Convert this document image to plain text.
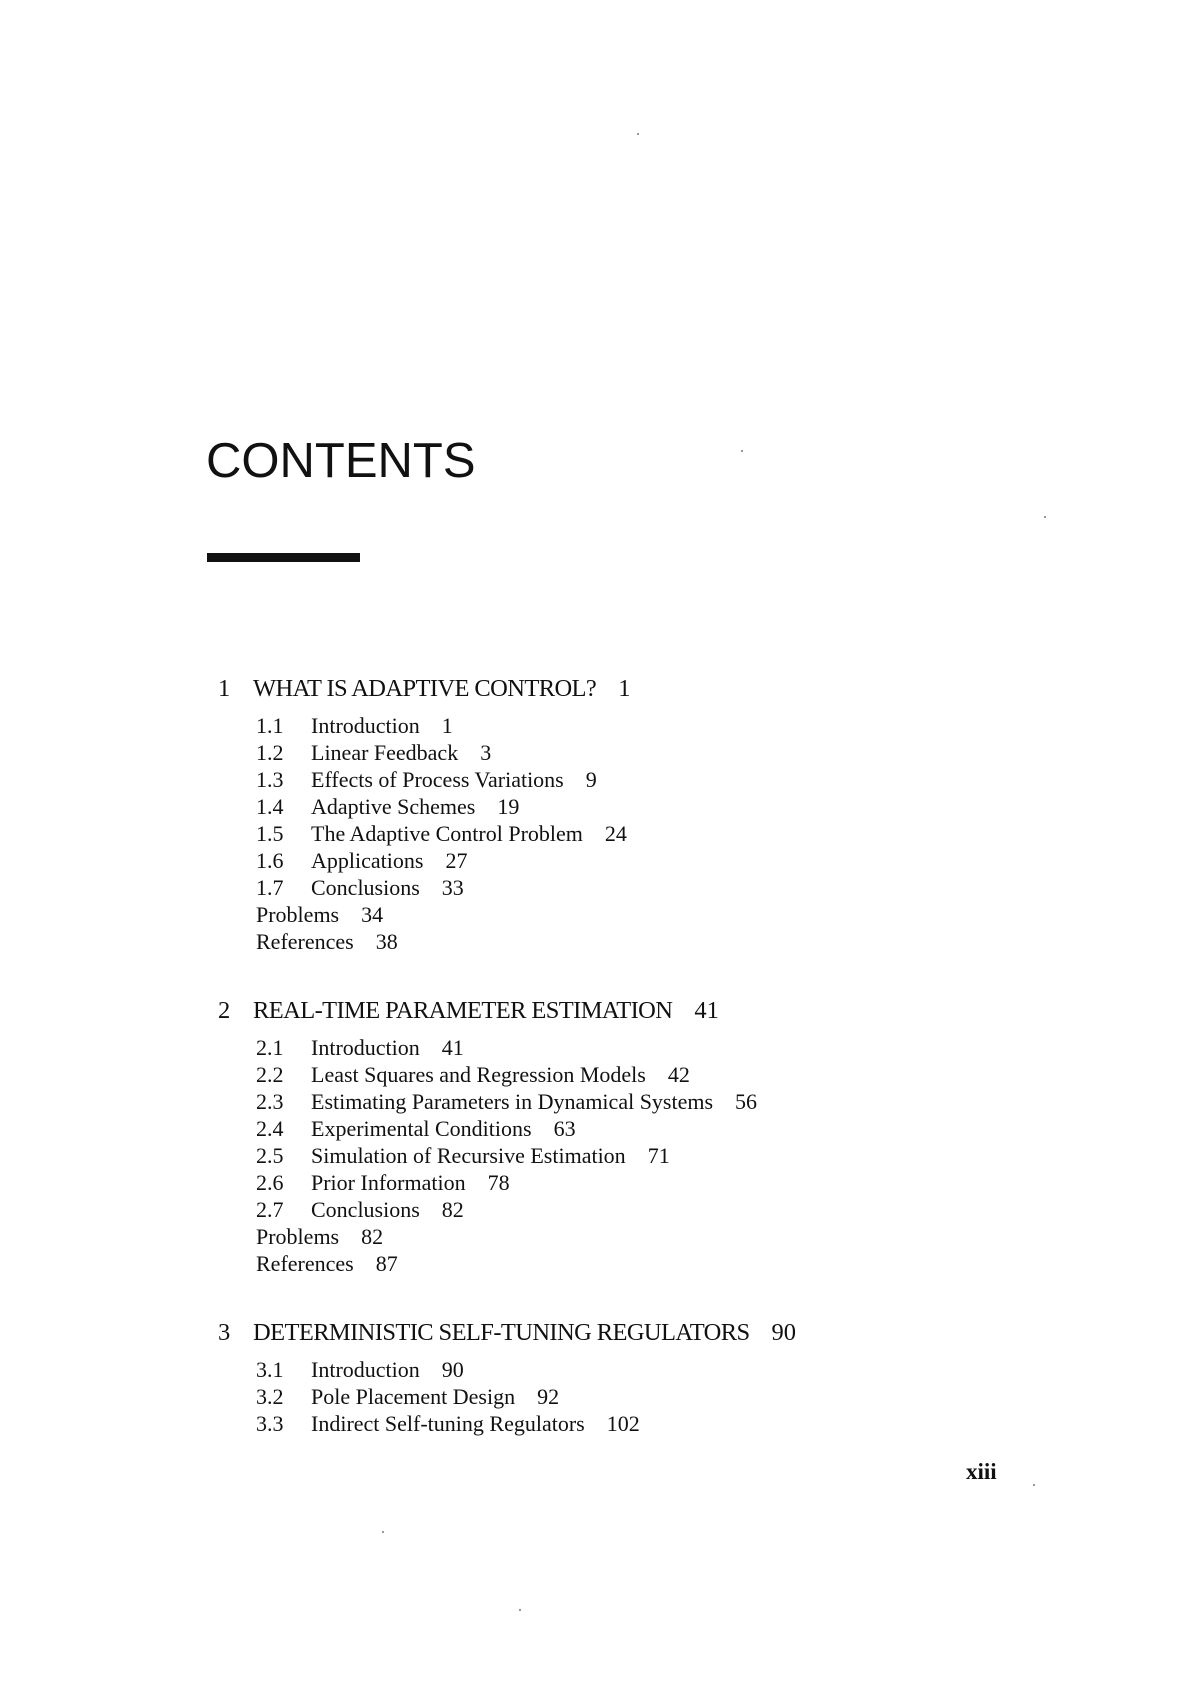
CONTENTS
1 WHAT IS ADAPTIVE CONTROL? 1
1.1 Introduction 1
1.2 Linear Feedback 3
1.3 Effects of Process Variations 9
1.4 Adaptive Schemes 19
1.5 The Adaptive Control Problem 24
1.6 Applications 27
1.7 Conclusions 33
Problems 34
References 38
2 REAL-TIME PARAMETER ESTIMATION 41
2.1 Introduction 41
2.2 Least Squares and Regression Models 42
2.3 Estimating Parameters in Dynamical Systems 56
2.4 Experimental Conditions 63
2.5 Simulation of Recursive Estimation 71
2.6 Prior Information 78
2.7 Conclusions 82
Problems 82
References 87
3 DETERMINISTIC SELF-TUNING REGULATORS 90
3.1 Introduction 90
3.2 Pole Placement Design 92
3.3 Indirect Self-tuning Regulators 102
xiii
